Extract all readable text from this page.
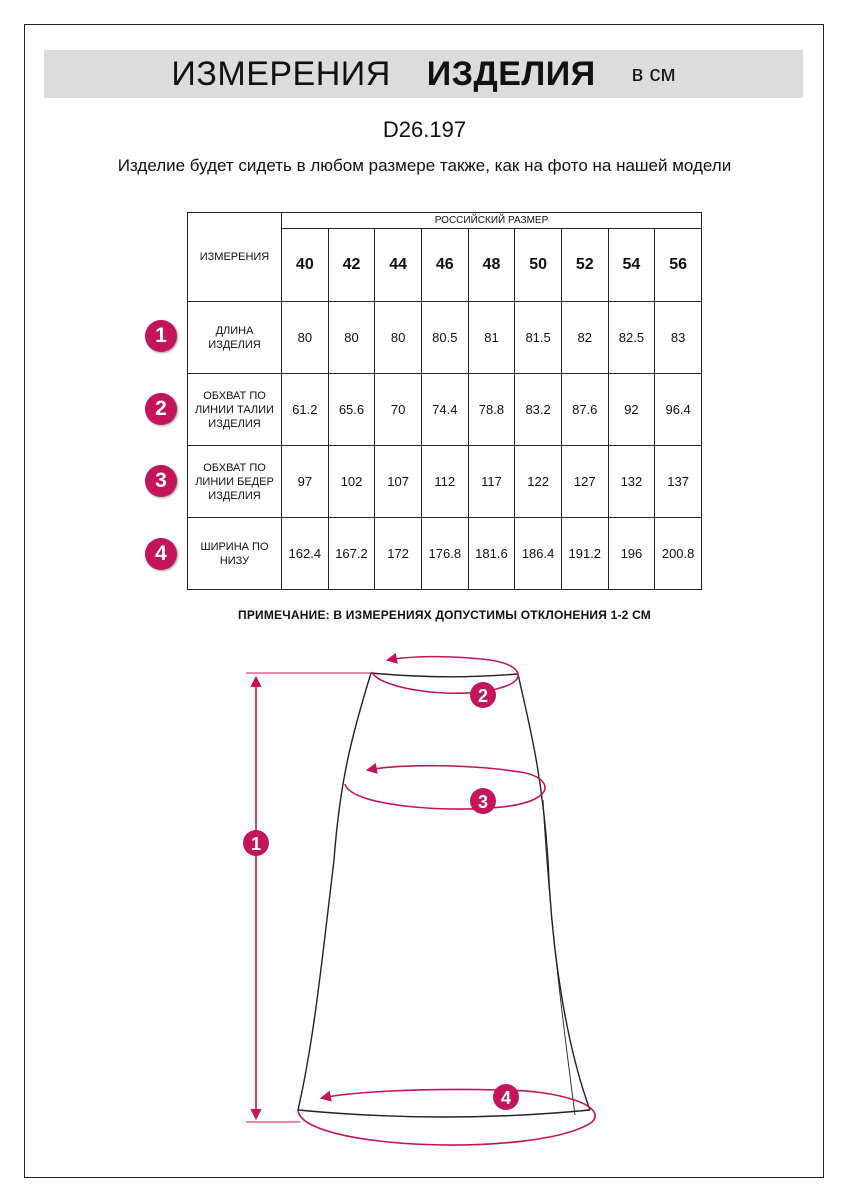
ИЗМЕРЕНИЯ ИЗДЕЛИЯ в см
D26.197
Изделие будет сидеть в любом размере также, как на фото на нашей модели
ИЗМЕРЕНИЯ	РОССИЙСКИЙ РАЗМЕР								
	40	42	44	46	48	50	52	54	56
ДЛИНА ИЗДЕЛИЯ	80	80	80	80.5	81	81.5	82	82.5	83
ОБХВАТ ПО ЛИНИИ ТАЛИИ ИЗДЕЛИЯ	61.2	65.6	70	74.4	78.8	83.2	87.6	92	96.4
ОБХВАТ ПО ЛИНИИ БЕДЕР ИЗДЕЛИЯ	97	102	107	112	117	122	127	132	137
ШИРИНА ПО НИЗУ	162.4	167.2	172	176.8	181.6	186.4	191.2	196	200.8
1
2
3
4
ПРИМЕЧАНИЕ: В ИЗМЕРЕНИЯХ ДОПУСТИМЫ ОТКЛОНЕНИЯ 1-2 СМ
1
2
3
4
